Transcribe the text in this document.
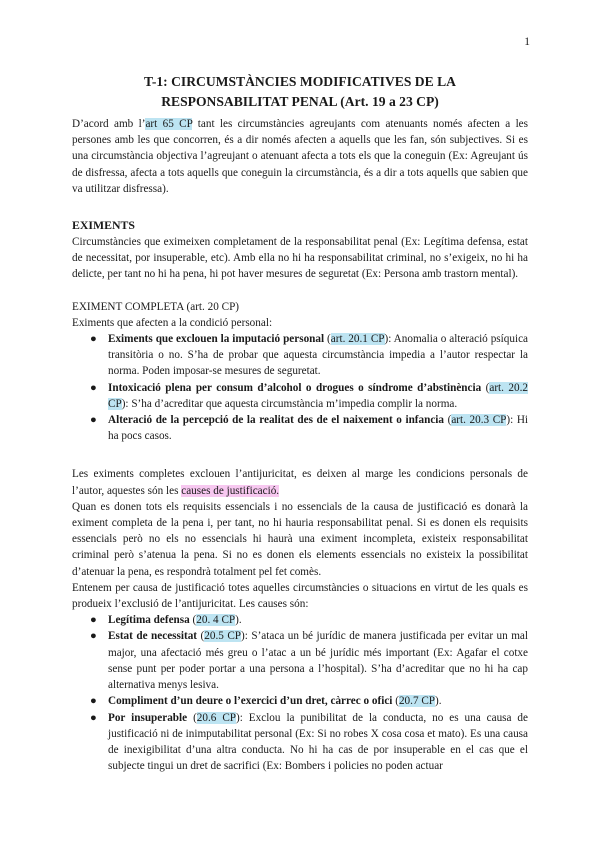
1
T-1: CIRCUMSTÀNCIES MODIFICATIVES DE LA
RESPONSABILITAT PENAL (Art. 19 a 23 CP)

D’acord amb l’art 65 CP tant les circumstàncies agreujants com atenuants només afecten a les persones amb les que concorren, és a dir només afecten a aquells que les fan, són subjectives. Si es una circumstància objectiva l’agreujant o atenuant afecta a tots els que la coneguin (Ex: Agreujant ús de disfressa, afecta a tots aquells que coneguin la circumstància, és a dir a tots aquells que sabien que va utilitzar disfressa).

EXIMENTS

Circumstàncies que eximeixen completament de la responsabilitat penal (Ex: Legítima defensa, estat de necessitat, por insuperable, etc). Amb ella no hi ha responsabilitat criminal, no s’exigeix, no hi ha delicte, per tant no hi ha pena, hi pot haver mesures de seguretat (Ex: Persona amb trastorn mental).

EXIMENT COMPLETA (art. 20 CP)

Eximents que afecten a la condició personal:

● Eximents que exclouen la imputació personal (art. 20.1 CP): Anomalia o alteració psíquica transitòria o no. S’ha de probar que aquesta circumstància impedia a l’autor respectar la norma. Poden imposar-se mesures de seguretat.
● Intoxicació plena per consum d’alcohol o drogues o síndrome d’abstinència (art. 20.2 CP): S’ha d’acreditar que aquesta circumstància m’impedia complir la norma.
● Alteració de la percepció de la realitat des de el naixement o infancia (art. 20.3 CP): Hi ha pocs casos.

Les eximents completes exclouen l’antijuricitat, es deixen al marge les condicions personals de l’autor, aquestes són les causes de justificació.

Quan es donen tots els requisits essencials i no essencials de la causa de justificació es donarà la eximent completa de la pena i, per tant, no hi hauria responsabilitat penal. Si es donen els requisits essencials però no els no essencials hi haurà una eximent incompleta, existeix responsabilitat criminal però s’atenua la pena. Si no es donen els elements essencials no existeix la possibilitat d’atenuar la pena, es respondrà totalment pel fet comès.

Entenem per causa de justificació totes aquelles circumstàncies o situacions en virtut de les quals es produeix l’exclusió de l’antijuricitat. Les causes són:

● Legítima defensa (20. 4 CP).
● Estat de necessitat (20.5 CP): S’ataca un bé jurídic de manera justificada per evitar un mal major, una afectació més greu o l’atac a un bé jurídic més important (Ex: Agafar el cotxe sense punt per poder portar a una persona a l’hospital). S’ha d’acreditar que no hi ha cap alternativa menys lesiva.
● Compliment d’un deure o l’exercici d’un dret, càrrec o ofici (20.7 CP).
● Por insuperable (20.6 CP): Exclou la punibilitat de la conducta, no es una causa de justificació ni de inimputabilitat personal (Ex: Si no robes X cosa cosa et mato). Es una causa de inexigibilitat d’una altra conducta. No hi ha cas de por insuperable en el cas que el subjecte tingui un dret de sacrifici (Ex: Bombers i policies no poden actuar
